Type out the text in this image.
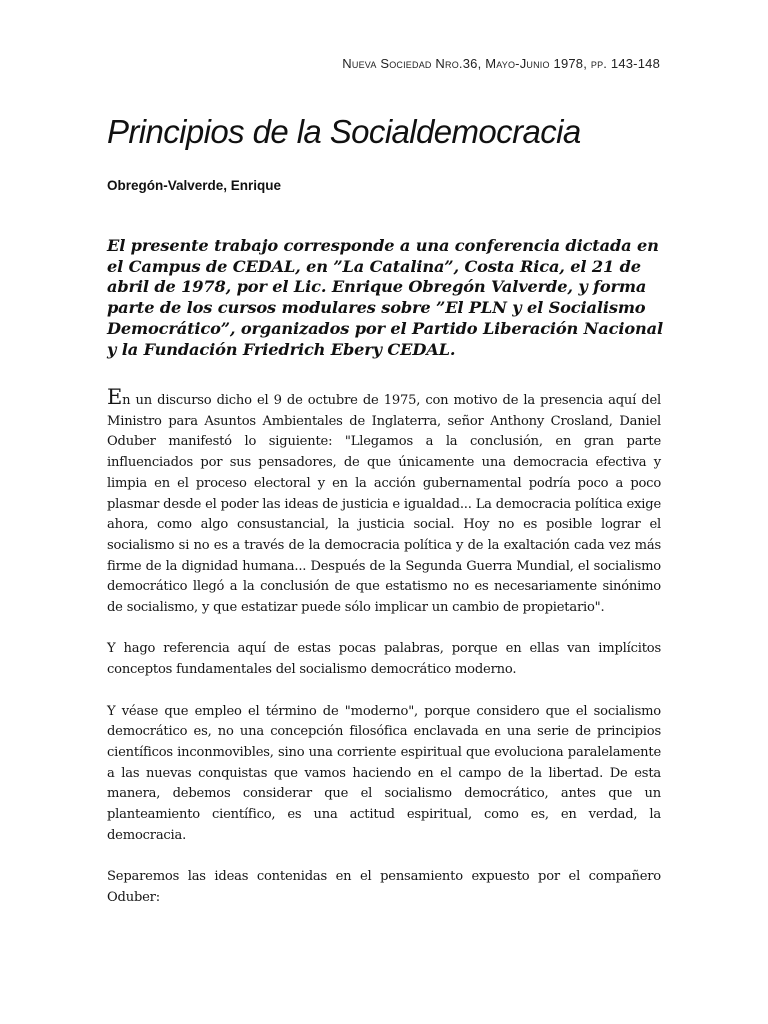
Nueva Sociedad Nro.36, Mayo-Junio 1978, pp. 143-148
Principios de la Socialdemocracia
Obregón-Valverde, Enrique

El presente trabajo corresponde a una conferencia dictada en el Campus de CEDAL, en ”La Catalina”, Costa Rica, el 21 de abril de 1978, por el Lic. Enrique Obregón Valverde, y forma parte de los cursos modulares sobre ”El PLN y el Socialismo Democrático”, organizados por el Partido Liberación Nacional y la Fundación Friedrich Ebery CEDAL.

En un discurso dicho el 9 de octubre de 1975, con motivo de la presencia aquí del Ministro para Asuntos Ambientales de Inglaterra, señor Anthony Crosland, Daniel Oduber manifestó lo siguiente: "Llegamos a la conclusión, en gran parte influenciados por sus pensadores, de que únicamente una democracia efectiva y limpia en el proceso electoral y en la acción gubernamental podría poco a poco plasmar desde el poder las ideas de justicia e igualdad... La democracia política exige ahora, como algo consustancial, la justicia social. Hoy no es posible lograr el socialismo si no es a través de la democracia política y de la exaltación cada vez más firme de la dignidad humana... Después de la Segunda Guerra Mundial, el socialismo democrático llegó a la conclusión de que estatismo no es necesariamente sinónimo de socialismo, y que estatizar puede sólo implicar un cambio de propietario".

Y hago referencia aquí de estas pocas palabras, porque en ellas van implícitos conceptos fundamentales del socialismo democrático moderno.

Y véase que empleo el término de "moderno", porque considero que el socialismo democrático es, no una concepción filosófica enclavada en una serie de principios científicos inconmovibles, sino una corriente espiritual que evoluciona paralelamente a las nuevas conquistas que vamos haciendo en el campo de la libertad. De esta manera, debemos considerar que el socialismo democrático, antes que un planteamiento científico, es una actitud espiritual, como es, en verdad, la democracia.

Separemos las ideas contenidas en el pensamiento expuesto por el compañero Oduber:
